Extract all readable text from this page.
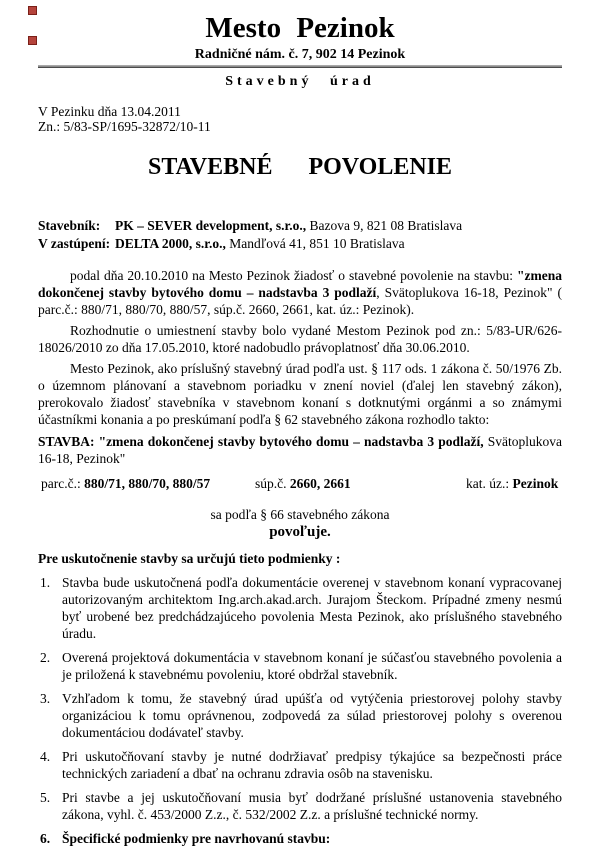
Mesto Pezinok
Radničné nám. č. 7, 902 14 Pezinok
Stavebný úrad
V Pezinku dňa 13.04.2011
Zn.: 5/83-SP/1695-32872/10-11
STAVEBNÉ POVOLENIE
Stavebník:	PK – SEVER development, s.r.o., Bazova 9, 821 08 Bratislava
V zastúpení: DELTA 2000, s.r.o., Mandľová 41, 851 10 Bratislava

podal dňa 20.10.2010 na Mesto Pezinok žiadosť o stavebné povolenie na stavbu: "zmena dokončenej stavby bytového domu – nadstavba 3 podlaží, Svätoplukova 16-18, Pezinok" ( parc.č.: 880/71, 880/70, 880/57, súp.č. 2660, 2661, kat. úz.: Pezinok).

Rozhodnutie o umiestnení stavby bolo vydané Mestom Pezinok pod zn.: 5/83-UR/626-18026/2010 zo dňa 17.05.2010, ktoré nadobudlo právoplatnosť dňa 30.06.2010.

Mesto Pezinok, ako príslušný stavebný úrad podľa ust. § 117 ods. 1 zákona č. 50/1976 Zb. o územnom plánovaní a stavebnom poriadku v znení noviel (ďalej len stavebný zákon), prerokovalo žiadosť stavebníka v stavebnom konaní s dotknutými orgánmi a so známymi účastníkmi konania a po preskúmaní podľa § 62 stavebného zákona rozhodlo takto:

STAVBA: "zmena dokončenej stavby bytového domu – nadstavba 3 podlaží, Svätoplukova 16-18, Pezinok"

parc.č.: 880/71, 880/70, 880/57	súp.č. 2660, 2661	kat. úz.: Pezinok
sa podľa § 66 stavebného zákona
povoľuje.
Pre uskutočnenie stavby sa určujú tieto podmienky :
1. Stavba bude uskutočnená podľa dokumentácie overenej v stavebnom konaní vypracovanej autorizovaným architektom Ing.arch.akad.arch. Jurajom Šteckom. Prípadné zmeny nesmú byť urobené bez predchádzajúceho povolenia Mesta Pezinok, ako príslušného stavebného úradu.
2. Overená projektová dokumentácia v stavebnom konaní je súčasťou stavebného povolenia a je priložená k stavebnému povoleniu, ktoré obdržal stavebník.
3. Vzhľadom k tomu, že stavebný úrad upúšťa od vytýčenia priestorovej polohy stavby organizáciou k tomu oprávnenou, zodpovedá za súlad priestorovej polohy s overenou dokumentáciou dodávateľ stavby.
4. Pri uskutočňovaní stavby je nutné dodržiavať predpisy týkajúce sa bezpečnosti práce technických zariadení a dbať na ochranu zdravia osôb na stavenisku.
5. Pri stavbe a jej uskutočňovaní musia byť dodržané príslušné ustanovenia stavebného zákona, vyhl. č. 453/2000 Z.z., č. 532/2002 Z.z. a príslušné technické normy.
6. Špecifické podmienky pre navrhovanú stavbu:
